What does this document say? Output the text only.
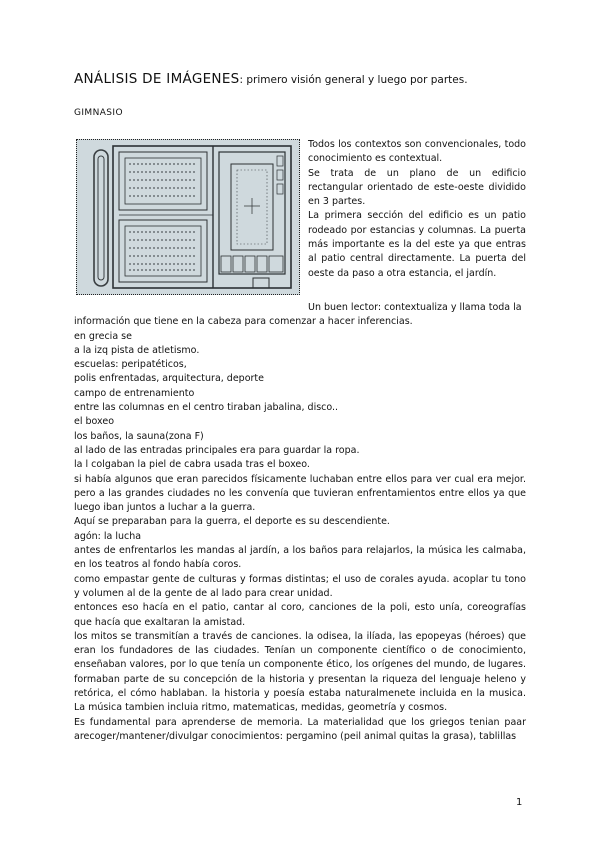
ANÁLISIS DE IMÁGENES: primero visión general y luego por partes.
GIMNASIO

Todos los contextos son convencionales, todo conocimiento es contextual.

Se trata de un plano de un edificio rectangular orientado de este-oeste dividido en 3 partes.

La primera sección del edificio es un patio rodeado por estancias y columnas. La puerta más importante es la del este ya que entras al patio central directamente. La puerta del oeste da paso a otra estancia, el jardín.

Un buen lector: contextualiza y llama toda la

información que tiene en la cabeza para comenzar a hacer inferencias.

en grecia se

a la izq pista de atletismo.

escuelas: peripatéticos,

polis enfrentadas, arquitectura, deporte

campo de entrenamiento

entre las columnas en el centro tiraban jabalina, disco..

el boxeo

los baños, la sauna(zona F)

al lado de las entradas principales era para guardar la ropa.

la l colgaban la piel de cabra usada tras el boxeo.

si había algunos que eran parecidos físicamente luchaban entre ellos para ver cual era mejor. pero a las grandes ciudades no les convenía que tuvieran enfrentamientos entre ellos ya que luego iban juntos a luchar a la guerra.

Aquí se preparaban para la guerra, el deporte es su descendiente.

agón: la lucha

antes de enfrentarlos les mandas al jardín, a los baños para relajarlos, la música les calmaba, en los teatros al fondo había coros.

como empastar gente de culturas y formas distintas; el uso de corales ayuda. acoplar tu tono y volumen al de la gente de al lado para crear unidad.

entonces eso hacía en el patio, cantar al coro, canciones de la poli, esto unía, coreografías que hacía que exaltaran la amistad.

los mitos se transmitían a través de canciones. la odisea, la ilíada, las epopeyas (héroes) que eran los fundadores de las ciudades. Tenían un componente científico o de conocimiento, enseñaban valores, por lo que tenía un componente ético, los orígenes del mundo, de lugares. formaban parte de su concepción de la historia y presentan la riqueza del lenguaje heleno y retórica, el cómo hablaban. la historia y poesía estaba naturalmenete incluida en la musica. La música tambien incluia ritmo, matematicas, medidas, geometría y cosmos.

Es fundamental para aprenderse de memoria. La materialidad que los griegos tenian paar arecoger/mantener/divulgar conocimientos: pergamino (peil animal quitas la grasa), tablillas

1
